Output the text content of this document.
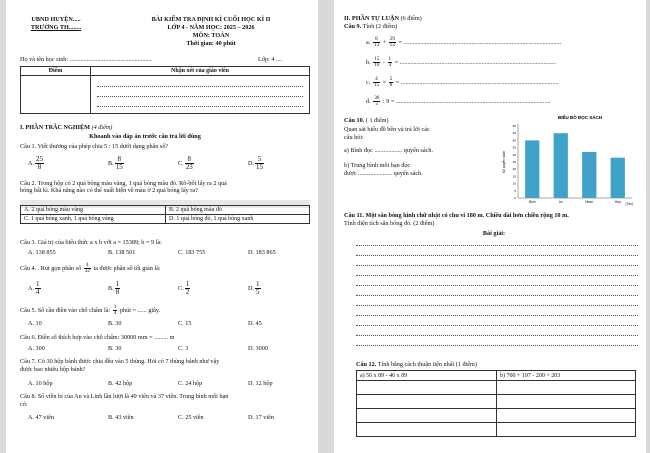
UBND HUYỆN.....
TRƯỜNG TH........
BÀI KIỂM TRA ĐỊNH KÌ CUỐI HỌC KÌ II
LỚP 4 - NĂM HỌC: 2025 – 2026
MÔN: TOÁN
Thời gian: 40 phút
Họ và tên học sinh: .....................................................	Lớp: 4 ....
Điểm	Nhận xét của giáo viên

I. PHẦN TRẮC NGHIỆM (4 điểm)
Khoanh vào đáp án trước câu trả lời đúng
Câu 1. Viết thương của phép chia 5 : 15 dưới dạng phân số?
A. $\frac{25}{8}$	B. $\frac{8}{15}$	C. $\frac{8}{23}$	D. $\frac{5}{15}$
Câu 2. Trong hộp có 2 quả bóng màu vàng, 1 quả bóng màu đỏ. Rô-bốt lấy ra 2 quả
bóng bất kì. Khả năng nào có thể xuất hiện về màu ở 2 quả bóng lấy ra?
A. 2 quả bóng màu vàng	B. 2 quả bóng màu đỏ
C. 1 quả bóng xanh, 1 quả bóng vàng	D. 1 quả bóng đỏ, 1 quả bóng xanh
Câu 3. Giá trị của biểu thức a x b với a = 15389; b = 9 là:
A. 138 855	B. 138 501	C. 183 755	D. 183 865
Câu 4. . Rút gọn phân số $\frac{4}{32}$ ta được phân số tối giản là:
A. $\frac{1}{4}$	B. $\frac{1}{8}$	C. $\frac{1}{2}$	D. $\frac{1}{5}$
Câu 5. Số cần điền vào chỗ chấm là: $\frac{1}{4}$ phút = ...... giây.
A. 10	B. 30	C. 15	D. 45
Câu 6. Điền số thích hợp vào chỗ chấm: 30000 mm = ......... m
A. 300	B. 30	C. 3	D. 3000
Câu 7. Có 30 hộp bánh được chia đều vào 5 thùng. Hỏi có 7 thùng bánh như vậy
được bao nhiêu hộp bánh?
A. 10 hộp	B. 42 hộp	C. 24 hộp	D. 12 hộp
Câu 8. Số viên bi của An và Linh lần lượt là 49 viên và 37 viên. Trung bình mỗi bạn
có:
A. 47 viên	B. 43 viên	C. 25 viên	D. 17 viên
II. PHẦN TỰ LUẬN (6 điểm)
Câu 9. Tính (2 điểm)
a. $\frac{8}{13} + \frac{29}{13}$ = ......................................................................................................
b. $\frac{15}{16} - \frac{1}{4}$ = .....................................................................................................
c. $\frac{4}{15} \times \frac{5}{8}$ = ......................................................................................................
d. $\frac{36}{5}$ : 9 = ....................................................................................................
Câu 10. ( 1 điểm)
Quan sát biểu đồ bên và trả lời các
câu hỏi:
a) Bình đọc .................. quyển sách.
b) Trung bình mỗi bạn đọc
được ...................... quyển sách.
BIỂU ĐỒ ĐỌC SÁCH
Số quyển sách
0
5
10
15
20
25
30
35
40
45
50
Bình	An	Nhơn	Hòa (Tên)
Câu 11. Một sân bóng hình chữ nhật có chu vi 180 m. Chiều dài hơn chiều rộng 10 m.
Tính diện tích sân bóng đó. (2 điểm)
Bài giải:
Câu 12. Tính bằng cách thuận tiện nhất (1 điểm)
a) 56 x 89 - 46 x 89	b) 700 + 197 - 200 + 203
